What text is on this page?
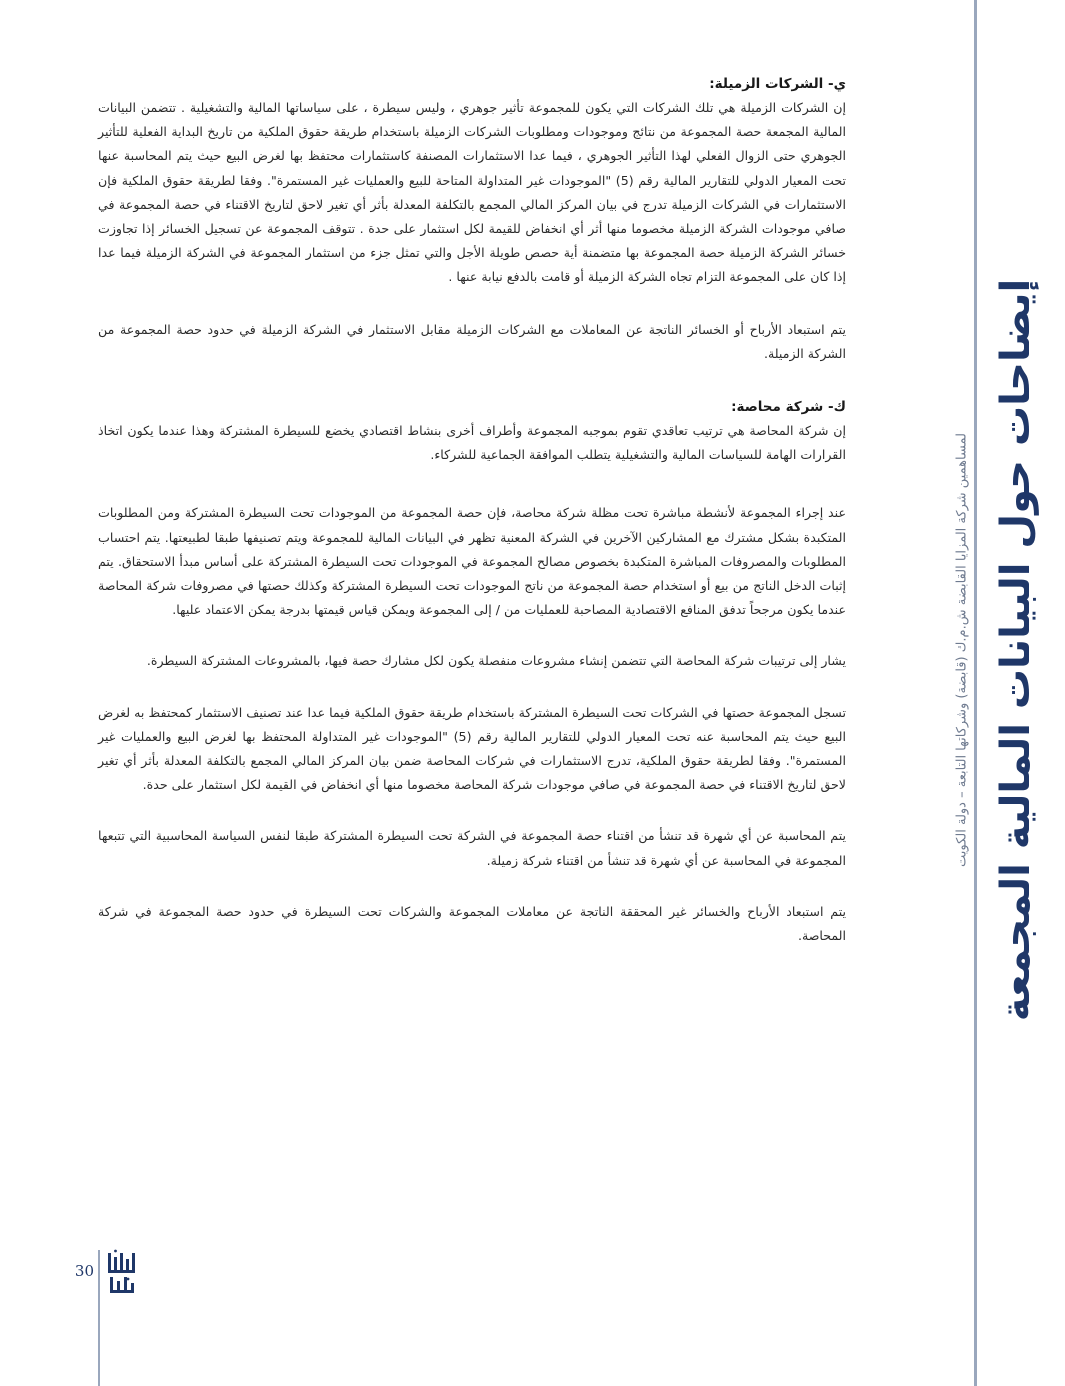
ي- الشركات الزميلة:

إن الشركات الزميلة هي تلك الشركات التي يكون للمجموعة تأثير جوهري ، وليس سيطرة ، على سياساتها المالية والتشغيلية . تتضمن البيانات المالية المجمعة حصة المجموعة من نتائج وموجودات ومطلوبات الشركات الزميلة باستخدام طريقة حقوق الملكية من تاريخ البداية الفعلية للتأثير الجوهري حتى الزوال الفعلي لهذا التأثير الجوهري ، فيما عدا الاستثمارات المصنفة كاستثمارات محتفظ بها لغرض البيع حيث يتم المحاسبة عنها تحت المعيار الدولي للتقارير المالية رقم (5) "الموجودات غير المتداولة المتاحة للبيع والعمليات غير المستمرة". وفقا لطريقة حقوق الملكية فإن الاستثمارات في الشركات الزميلة تدرج في بيان المركز المالي المجمع بالتكلفة المعدلة بأثر أي تغير لاحق لتاريخ الاقتناء في حصة المجموعة في صافي موجودات الشركة الزميلة مخصوما منها أثر أي انخفاض للقيمة لكل استثمار على حدة . تتوقف المجموعة عن تسجيل الخسائر إذا تجاوزت خسائر الشركة الزميلة حصة المجموعة بها متضمنة أية حصص طويلة الأجل والتي تمثل جزء من استثمار المجموعة في الشركة الزميلة فيما عدا إذا كان على المجموعة التزام تجاه الشركة الزميلة أو قامت بالدفع نيابة عنها .

يتم استبعاد الأرباح أو الخسائر الناتجة عن المعاملات مع الشركات الزميلة مقابل الاستثمار في الشركة الزميلة في حدود حصة المجموعة من الشركة الزميلة.

ك- شركة محاصة:

إن شركة المحاصة هي ترتيب تعاقدي تقوم بموجبه المجموعة وأطراف أخرى بنشاط اقتصادي يخضع للسيطرة المشتركة وهذا عندما يكون اتخاذ القرارات الهامة للسياسات المالية والتشغيلية يتطلب الموافقة الجماعية للشركاء.

عند إجراء المجموعة لأنشطة مباشرة تحت مظلة شركة محاصة، فإن حصة المجموعة من الموجودات تحت السيطرة المشتركة ومن المطلوبات المتكبدة بشكل مشترك مع المشاركين الآخرين في الشركة المعنية تظهر في البيانات المالية للمجموعة ويتم تصنيفها طبقا لطبيعتها. يتم احتساب المطلوبات والمصروفات المباشرة المتكبدة بخصوص مصالح المجموعة في الموجودات تحت السيطرة المشتركة على أساس مبدأ الاستحقاق. يتم إثبات الدخل الناتج من بيع أو استخدام حصة المجموعة من ناتج الموجودات تحت السيطرة المشتركة وكذلك حصتها في مصروفات شركة المحاصة عندما يكون مرجحاً تدفق المنافع الاقتصادية المصاحبة للعمليات من / إلى المجموعة ويمكن قياس قيمتها بدرجة يمكن الاعتماد عليها.

يشار إلى ترتيبات شركة المحاصة التي تتضمن إنشاء مشروعات منفصلة يكون لكل مشارك حصة فيها، بالمشروعات المشتركة السيطرة.

تسجل المجموعة حصتها في الشركات تحت السيطرة المشتركة باستخدام طريقة حقوق الملكية فيما عدا عند تصنيف الاستثمار كمحتفظ به لغرض البيع حيث يتم المحاسبة عنه تحت المعيار الدولي للتقارير المالية رقم (5) "الموجودات غير المتداولة المحتفظ بها لغرض البيع والعمليات غير المستمرة". وفقا لطريقة حقوق الملكية، تدرج الاستثمارات في شركات المحاصة ضمن بيان المركز المالي المجمع بالتكلفة المعدلة بأثر أي تغير لاحق لتاريخ الاقتناء في حصة المجموعة في صافي موجودات شركة المحاصة مخصوما منها أي انخفاض في القيمة لكل استثمار على حدة.

يتم المحاسبة عن أي شهرة قد تنشأ من اقتناء حصة المجموعة في الشركة تحت السيطرة المشتركة طبقا لنفس السياسة المحاسبية التي تتبعها المجموعة في المحاسبة عن أي شهرة قد تنشأ من اقتناء شركة زميلة.

يتم استبعاد الأرباح والخسائر غير المحققة الناتجة عن معاملات المجموعة والشركات تحت السيطرة في حدود حصة المجموعة في شركة المحاصة.	إيضاحات حول البيانات المالية المجمعة
لمساهمين شركة المزايا القابضة ش.م.ك (قابضة) وشركاتها التابعة – دولة الكويت
30
